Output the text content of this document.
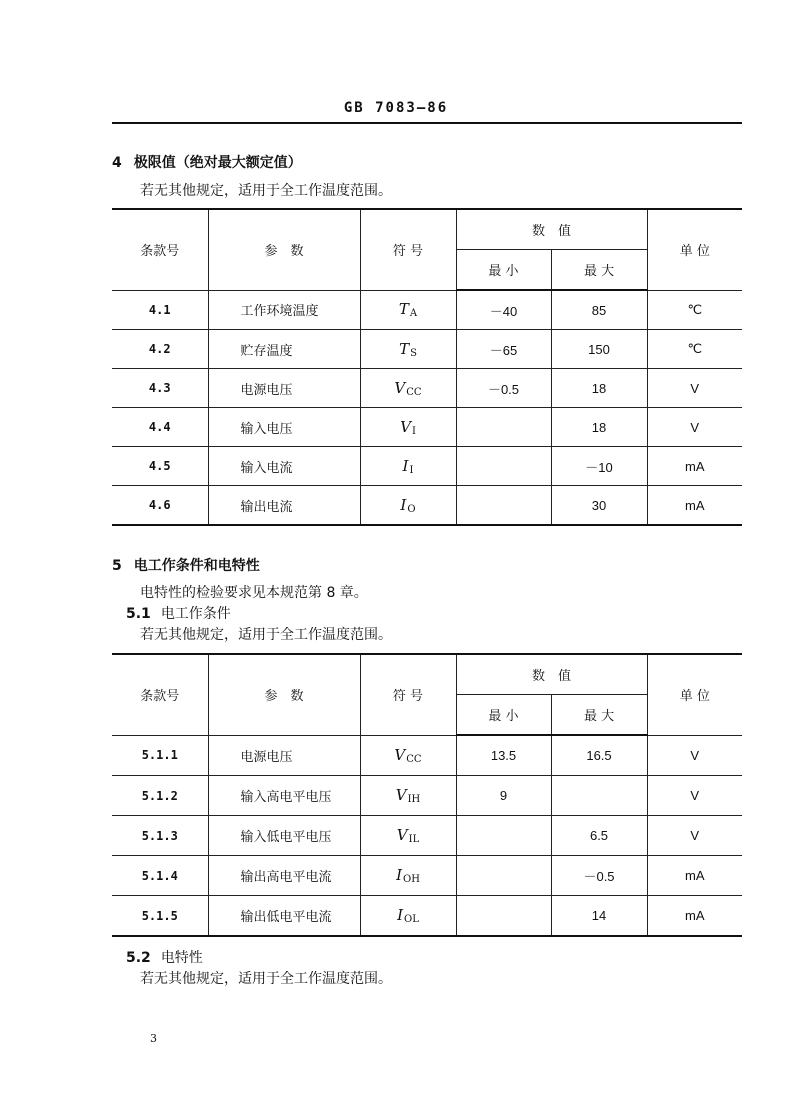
GB 7083—86
4 极限值（绝对最大额定值）
若无其他规定，适用于全工作温度范围。
条款号	参　数	符 号	数　值		单 位
			最 小	最 大	
4.1	工作环境温度	$T_A$	－40	85	℃
4.2	贮存温度	$T_S$	－65	150	℃
4.3	电源电压	$V_{CC}$	－0.5	18	V
4.4	输入电压	$V_I$		18	V
4.5	输入电流	$I_I$		－10	mA
4.6	输出电流	$I_O$		30	mA
5 电工作条件和电特性
电特性的检验要求见本规范第 8 章。
5.1 电工作条件
若无其他规定，适用于全工作温度范围。
条款号	参　数	符 号	数　值		单 位
			最 小	最 大	
5.1.1	电源电压	$V_{CC}$	13.5	16.5	V
5.1.2	输入高电平电压	$V_{IH}$	9		V
5.1.3	输入低电平电压	$V_{IL}$		6.5	V
5.1.4	输出高电平电流	$I_{OH}$		－0.5	mA
5.1.5	输出低电平电流	$I_{OL}$		14	mA
5.2 电特性
若无其他规定，适用于全工作温度范围。
3
